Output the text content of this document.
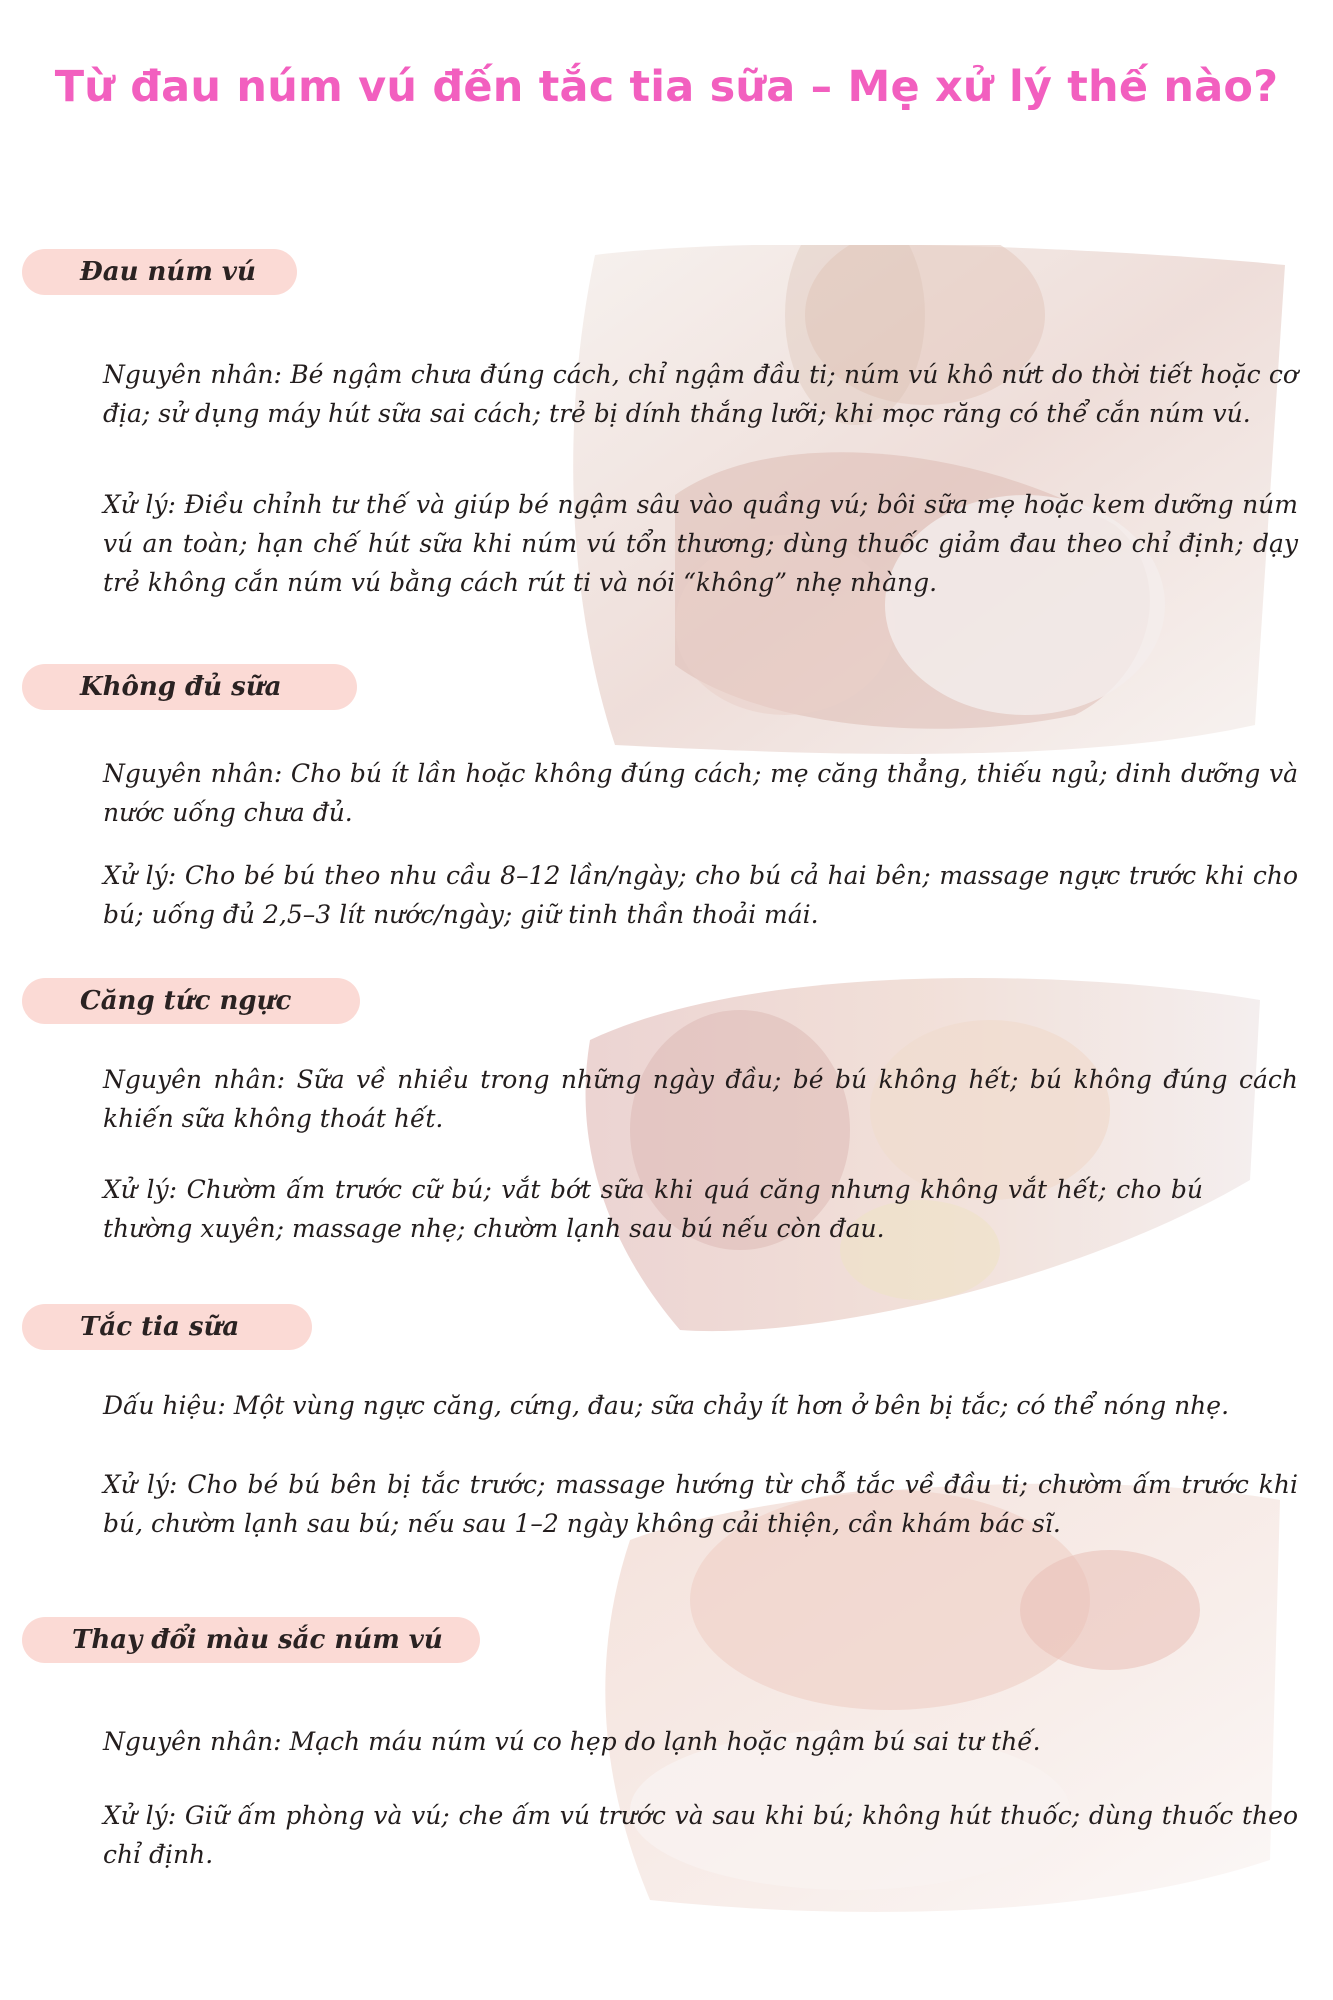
Từ đau núm vú đến tắc tia sữa – Mẹ xử lý thế nào?
Đau núm vú
Nguyên nhân: Bé ngậm chưa đúng cách, chỉ ngậm đầu ti; núm vú khô nứt do thời tiết hoặc cơ địa; sử dụng máy hút sữa sai cách; trẻ bị dính thắng lưỡi; khi mọc răng có thể cắn núm vú.
Xử lý: Điều chỉnh tư thế và giúp bé ngậm sâu vào quầng vú; bôi sữa mẹ hoặc kem dưỡng núm vú an toàn; hạn chế hút sữa khi núm vú tổn thương; dùng thuốc giảm đau theo chỉ định; dạy trẻ không cắn núm vú bằng cách rút ti và nói “không” nhẹ nhàng.
Không đủ sữa
Nguyên nhân: Cho bú ít lần hoặc không đúng cách; mẹ căng thẳng, thiếu ngủ; dinh dưỡng và nước uống chưa đủ.
Xử lý: Cho bé bú theo nhu cầu 8–12 lần/ngày; cho bú cả hai bên; massage ngực trước khi cho bú; uống đủ 2,5–3 lít nước/ngày; giữ tinh thần thoải mái.
Căng tức ngực
Nguyên nhân: Sữa về nhiều trong những ngày đầu; bé bú không hết; bú không đúng cách khiến sữa không thoát hết.
Xử lý: Chườm ấm trước cữ bú; vắt bớt sữa khi quá căng nhưng không vắt hết; cho bú thường xuyên; massage nhẹ; chườm lạnh sau bú nếu còn đau.
Tắc tia sữa
Dấu hiệu: Một vùng ngực căng, cứng, đau; sữa chảy ít hơn ở bên bị tắc; có thể nóng nhẹ.
Xử lý: Cho bé bú bên bị tắc trước; massage hướng từ chỗ tắc về đầu ti; chườm ấm trước khi bú, chườm lạnh sau bú; nếu sau 1–2 ngày không cải thiện, cần khám bác sĩ.
Thay đổi màu sắc núm vú
Nguyên nhân: Mạch máu núm vú co hẹp do lạnh hoặc ngậm bú sai tư thế.
Xử lý: Giữ ấm phòng và vú; che ấm vú trước và sau khi bú; không hút thuốc; dùng thuốc theo chỉ định.
